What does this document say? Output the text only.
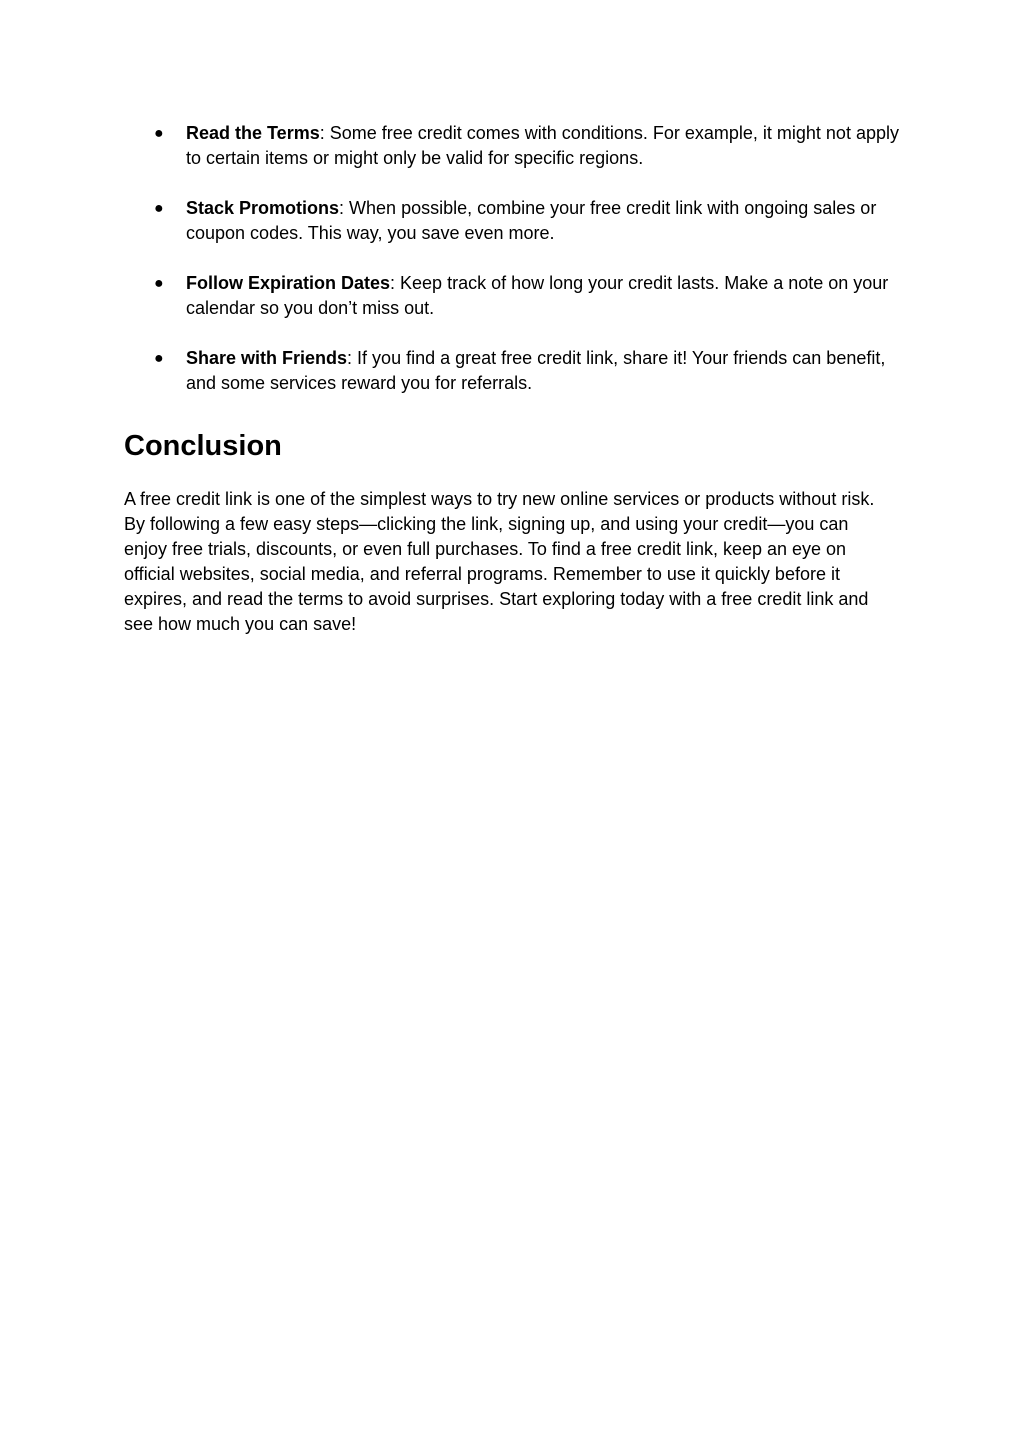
● Read the Terms: Some free credit comes with conditions. For example, it might not apply to certain items or might only be valid for specific regions.
● Stack Promotions: When possible, combine your free credit link with ongoing sales or coupon codes. This way, you save even more.
● Follow Expiration Dates: Keep track of how long your credit lasts. Make a note on your calendar so you don’t miss out.
● Share with Friends: If you find a great free credit link, share it! Your friends can benefit, and some services reward you for referrals.
Conclusion

A free credit link is one of the simplest ways to try new online services or products without risk. By following a few easy steps—clicking the link, signing up, and using your credit—you can enjoy free trials, discounts, or even full purchases. To find a free credit link, keep an eye on official websites, social media, and referral programs. Remember to use it quickly before it expires, and read the terms to avoid surprises. Start exploring today with a free credit link and see how much you can save!
